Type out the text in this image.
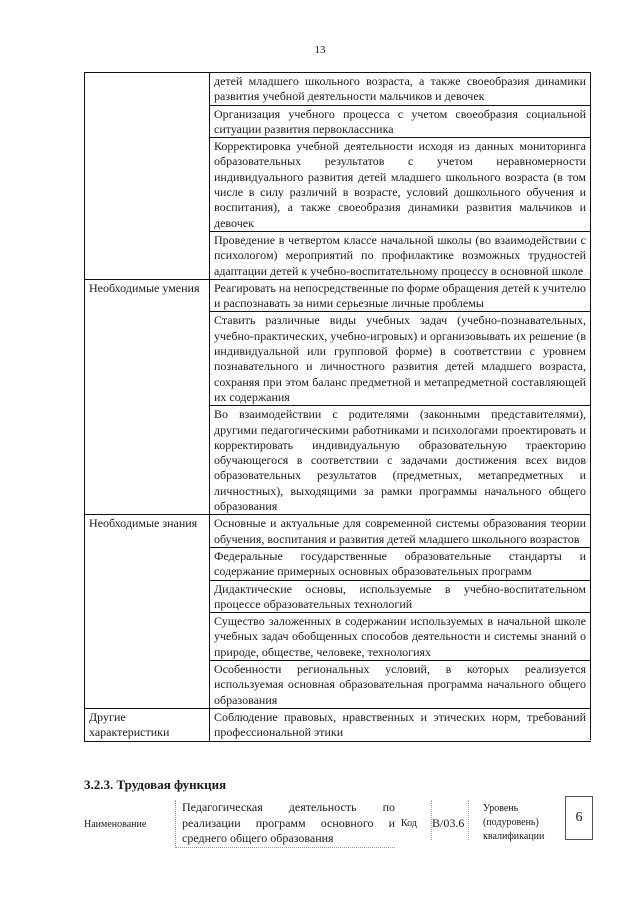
13
детей младшего школьного возраста, а также своеобразия динамики развития учебной деятельности мальчиков и девочек
Организация учебного процесса с учетом своеобразия социальной ситуации развития первоклассника
Корректировка учебной деятельности исходя из данных мониторинга образовательных результатов с учетом неравномерности индивидуального развития детей младшего школьного возраста (в том числе в силу различий в возрасте, условий дошкольного обучения и воспитания), а также своеобразия динамики развития мальчиков и девочек
Проведение в четвертом классе начальной школы (во взаимодействии с психологом) мероприятий по профилактике возможных трудностей адаптации детей к учебно-воспитательному процессу в основной школе
Необходимые умения	Реагировать на непосредственные по форме обращения детей к учителю и распознавать за ними серьезные личные проблемы
Ставить различные виды учебных задач (учебно-познавательных, учебно-практических, учебно-игровых) и организовывать их решение (в индивидуальной или групповой форме) в соответствии с уровнем познавательного и личностного развития детей младшего возраста, сохраняя при этом баланс предметной и метапредметной составляющей их содержания
Во взаимодействии с родителями (законными представителями), другими педагогическими работниками и психологами проектировать и корректировать индивидуальную образовательную траекторию обучающегося в соответствии с задачами достижения всех видов образовательных результатов (предметных, метапредметных и личностных), выходящими за рамки программы начального общего образования
Необходимые знания	Основные и актуальные для современной системы образования теории обучения, воспитания и развития детей младшего школьного возрастов
Федеральные государственные образовательные стандарты и содержание примерных основных образовательных программ
Дидактические основы, используемые в учебно-воспитательном процессе образовательных технологий
Существо заложенных в содержании используемых в начальной школе учебных задач обобщенных способов деятельности и системы знаний о природе, обществе, человеке, технологиях
Особенности региональных условий, в которых реализуется используемая основная образовательная программа начального общего образования
Другие характеристики
Соблюдение правовых, нравственных и этических норм, требований профессиональной этики
3.2.3. Трудовая функция
Наименование
Педагогическая деятельность по реализации программ основного и среднего общего образования
Код В/03.6
Уровень (подуровень) квалификации
6
